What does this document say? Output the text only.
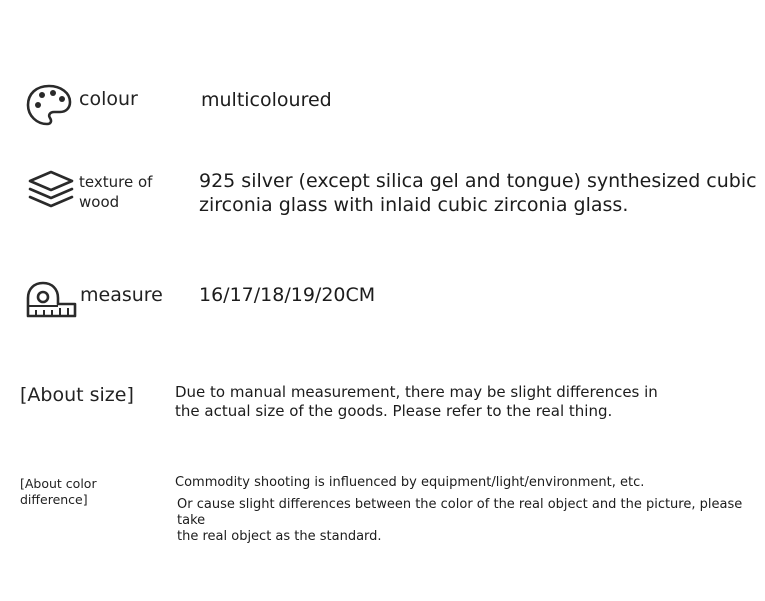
colour	multicoloured
texture of wood
925 silver (except silica gel and tongue) synthesized cubic
zirconia glass with inlaid cubic zirconia glass.
measure 16/17/18/19/20CM
[About size]	Due to manual measurement, there may be slight differences in
the actual size of the goods. Please refer to the real thing.
[About color
difference]
Commodity shooting is influenced by equipment/light/environment, etc.
Or cause slight differences between the color of the real object and the picture, please take
the real object as the standard.
